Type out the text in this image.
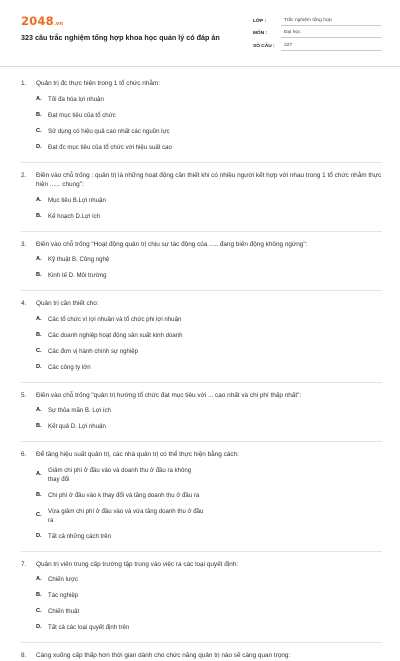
2048.vn
323 câu trắc nghiệm tổng hợp khoa học quản lý có đáp án
LỚP :	Trắc nghiệm tổng hợp
MÔN :	Đại học
SỐ CÂU :	327
1.	Quản trị đc thực hiện trong 1 tổ chức nhằm:
A.	Tối đa hóa lợi nhuận
B.	Đạt mục tiêu của tổ chức
C.	Sử dụng có hiệu quả cao nhất các nguồn lực
D.	Đạt đc mục tiêu của tổ chức với hiệu suất cao
2.	Điền vào chỗ trống : quản trị là những hoạt động cần thiết khi có nhiều người kết hợp với nhau trong 1 tổ chức nhằm thực hiện ...... chung":
A.	Mục tiêu B.Lợi nhuận
B.	Kế hoạch D.Lợi ích
3.	Điền vào chỗ trống "Hoạt động quản trị chịu sự tác động của ..... đang biến động không ngừng":
A.	Kỹ thuật B. Công nghệ
B.	Kinh tế D. Môi trường
4.	Quản trị cần thiết cho:
A.	Các tổ chức vì lợi nhuận và tổ chức phi lợi nhuận
B.	Các doanh nghiệp hoạt động sản xuất kinh doanh
C.	Các đơn vị hành chính sự nghiệp
D.	Các công ty lớn
5.	Điền vào chỗ trống "quản trị hướng tổ chức đạt mục tiêu với ... cao nhất và chi phí thấp nhất":
A.	Sự thỏa mãn B. Lợi ích
B.	Kết quả D. Lợi nhuận
6.	Để tăng hiệu suất quản trị, các nhà quản trị có thể thực hiện bằng cách:
A.
Giảm chi phí ở đầu vào và doanh thu ở đầu ra không thay đổi
B.	Chi phí ở đầu vào k thay đổi và tăng doanh thu ở đầu ra
C.
Vừa giảm chi phí ở đầu vào và vừa tăng doanh thu ở đầu ra
D.	Tất cả những cách trên
7.	Quản trị viên trung cấp trường tập trung vào việc ra các loại quyết định:
A.	Chiến lược
B.	Tác nghiệp
C.	Chiến thuật
D.	Tất cả các loại quyết định trên
8.	Càng xuống cấp thấp hơn thời gian dành cho chức năng quản trị nào sẽ càng quan trọng:
